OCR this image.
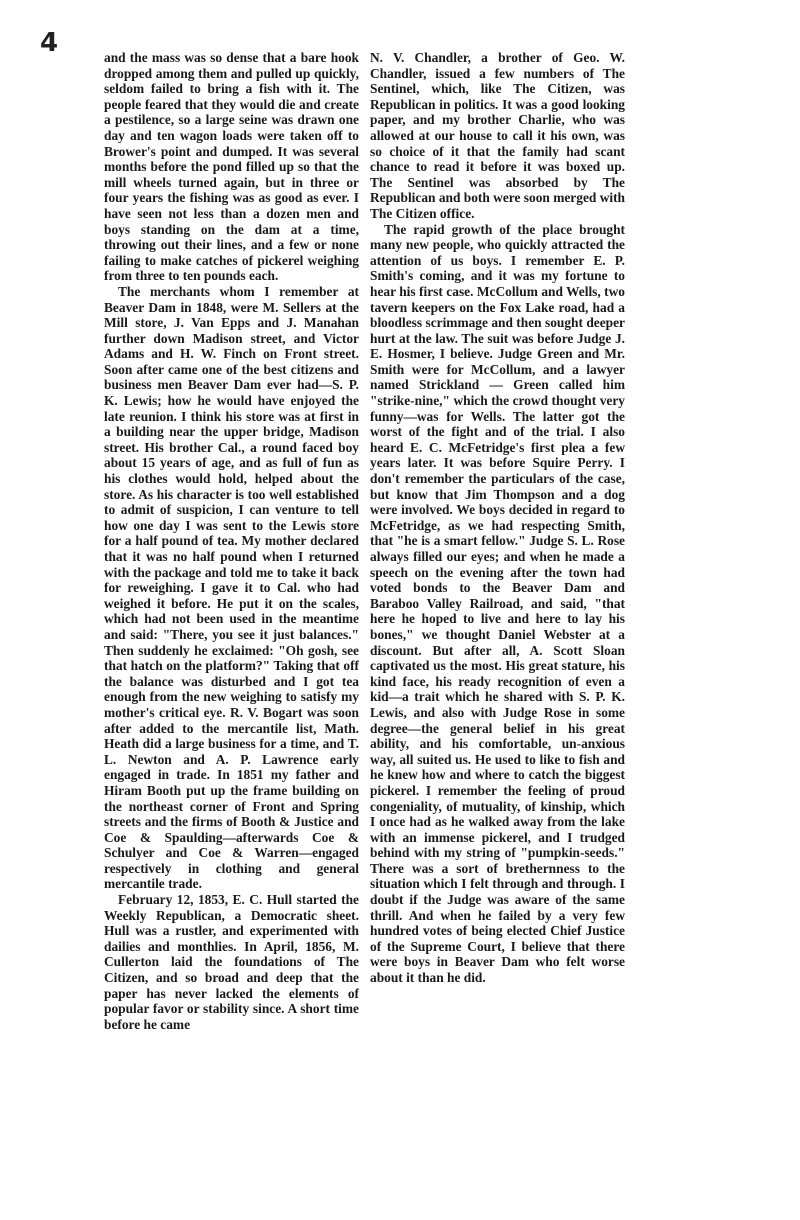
4	and the mass was so dense that a bare hook dropped among them and pulled up quickly, seldom failed to bring a fish with it. The people feared that they would die and create a pestilence, so a large seine was drawn one day and ten wagon loads were taken off to Brower's point and dumped. It was several months before the pond filled up so that the mill wheels turned again, but in three or four years the fishing was as good as ever. I have seen not less than a dozen men and boys standing on the dam at a time, throwing out their lines, and a few or none failing to make catches of pickerel weighing from three to ten pounds each.

The merchants whom I remember at Beaver Dam in 1848, were M. Sellers at the Mill store, J. Van Epps and J. Manahan further down Madison street, and Victor Adams and H. W. Finch on Front street. Soon after came one of the best citizens and business men Beaver Dam ever had—S. P. K. Lewis; how he would have enjoyed the late reunion. I think his store was at first in a building near the upper bridge, Madison street. His brother Cal., a round faced boy about 15 years of age, and as full of fun as his clothes would hold, helped about the store. As his character is too well established to admit of suspicion, I can venture to tell how one day I was sent to the Lewis store for a half pound of tea. My mother declared that it was no half pound when I returned with the package and told me to take it back for reweighing. I gave it to Cal. who had weighed it before. He put it on the scales, which had not been used in the meantime and said: "There, you see it just balances." Then suddenly he exclaimed: "Oh gosh, see that hatch on the platform?" Taking that off the balance was disturbed and I got tea enough from the new weighing to satisfy my mother's critical eye. R. V. Bogart was soon after added to the mercantile list, Math. Heath did a large business for a time, and T. L. Newton and A. P. Lawrence early engaged in trade. In 1851 my father and Hiram Booth put up the frame building on the northeast corner of Front and Spring streets and the firms of Booth & Justice and Coe & Spaulding—afterwards Coe & Schulyer and Coe & Warren—engaged respectively in clothing and general mercantile trade.

February 12, 1853, E. C. Hull started the Weekly Republican, a Democratic sheet. Hull was a rustler, and experimented with dailies and monthlies. In April, 1856, M. Cullerton laid the foundations of The Citizen, and so broad and deep that the paper has never lacked the elements of popular favor or stability since. A short time before he came

N. V. Chandler, a brother of Geo. W. Chandler, issued a few numbers of The Sentinel, which, like The Citizen, was Republican in politics. It was a good looking paper, and my brother Charlie, who was allowed at our house to call it his own, was so choice of it that the family had scant chance to read it before it was boxed up. The Sentinel was absorbed by The Republican and both were soon merged with The Citizen office.

The rapid growth of the place brought many new people, who quickly attracted the attention of us boys. I remember E. P. Smith's coming, and it was my fortune to hear his first case. McCollum and Wells, two tavern keepers on the Fox Lake road, had a bloodless scrimmage and then sought deeper hurt at the law. The suit was before Judge J. E. Hosmer, I believe. Judge Green and Mr. Smith were for McCollum, and a lawyer named Strickland — Green called him "strike-nine," which the crowd thought very funny—was for Wells. The latter got the worst of the fight and of the trial. I also heard E. C. McFetridge's first plea a few years later. It was before Squire Perry. I don't remember the particulars of the case, but know that Jim Thompson and a dog were involved. We boys decided in regard to McFetridge, as we had respecting Smith, that "he is a smart fellow." Judge S. L. Rose always filled our eyes; and when he made a speech on the evening after the town had voted bonds to the Beaver Dam and Baraboo Valley Railroad, and said, "that here he hoped to live and here to lay his bones," we thought Daniel Webster at a discount. But after all, A. Scott Sloan captivated us the most. His great stature, his kind face, his ready recognition of even a kid—a trait which he shared with S. P. K. Lewis, and also with Judge Rose in some degree—the general belief in his great ability, and his comfortable, un-anxious way, all suited us. He used to like to fish and he knew how and where to catch the biggest pickerel. I remember the feeling of proud congeniality, of mutuality, of kinship, which I once had as he walked away from the lake with an immense pickerel, and I trudged behind with my string of "pumpkin-seeds." There was a sort of brethernness to the situation which I felt through and through. I doubt if the Judge was aware of the same thrill. And when he failed by a very few hundred votes of being elected Chief Justice of the Supreme Court, I believe that there were boys in Beaver Dam who felt worse about it than he did.
